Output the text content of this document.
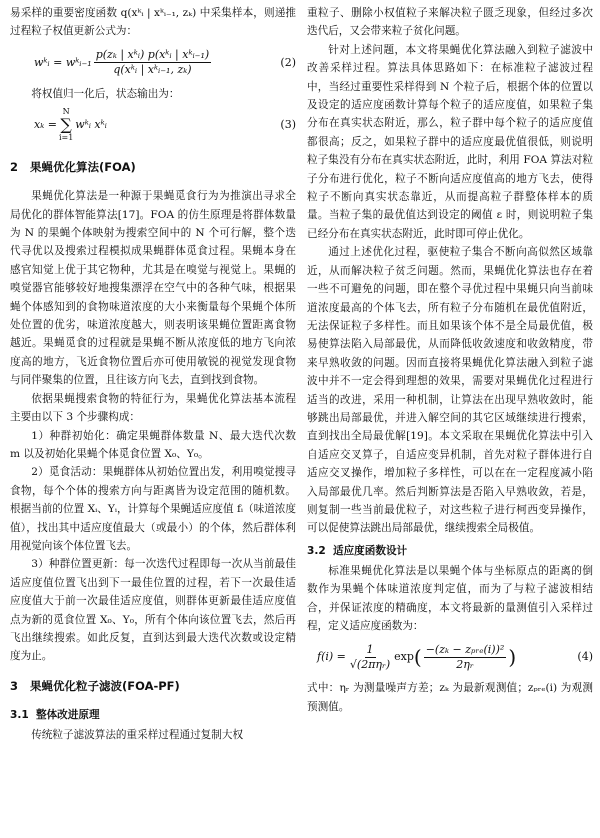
易采样的重要密度函数 q(xᵏᵢ | xᵏᵢ₋₁, zₖ) 中采集样本，则递推过程粒子权值更新公式为：

wᵏᵢ = wᵏᵢ₋₁ $\frac{\text{p(zₖ | xᵏᵢ) p(xᵏᵢ | xᵏᵢ₋₁)}}{\text{q(xᵏᵢ | xᵏᵢ₋₁, zₖ)}}$	(2)

将权值归一化后，状态输出为：

xₖ =
N
∑
i=1
wᵏᵢ xᵏᵢ	(3)
2 果蝇优化算法(FOA)

果蝇优化算法是一种源于果蝇觅食行为为推演出寻求全局优化的群体智能算法[17]。FOA 的仿生原理是将群体数量为 N 的果蝇个体映射为搜索空间中的 N 个可行解，整个迭代寻优以及搜索过程模拟成果蝇群体觅食过程。果蝇本身在感官知觉上优于其它物种，尤其是在嗅觉与视觉上。果蝇的嗅觉器官能够较好地搜集漂浮在空气中的各种气味，根据果蝇个体感知到的食物味道浓度的大小来衡量每个果蝇个体所处位置的优劣，味道浓度越大，则表明该果蝇位置距离食物越近。果蝇觅食的过程就是果蝇不断从浓度低的地方飞向浓度高的地方，飞近食物位置后亦可使用敏锐的视觉发现食物与同伴聚集的位置，且往该方向飞去，直到找到食物。

依据果蝇搜索食物的特征行为，果蝇优化算法基本流程主要由以下 3 个步骤构成：

1）种群初始化：确定果蝇群体数量 N、最大迭代次数 m 以及初始化果蝇个体觅食位置 X₀、Y₀。

2）觅食活动：果蝇群体从初始位置出发，利用嗅觉搜寻食物，每个个体的搜索方向与距离皆为设定范围的随机数。根据当前的位置 Xᵢ、Yᵢ，计算每个果蝇适应度值 fᵢ（味道浓度值），找出其中适应度值最大（或最小）的个体，然后群体利用视觉向该个体位置飞去。

3）种群位置更新：每一次迭代过程即每一次从当前最佳适应度值位置飞出到下一最佳位置的过程，若下一次最佳适应度值大于前一次最佳适应度值，则群体更新最佳适应度值点为新的觅食位置 X₀、Y₀，所有个体向该位置飞去，然后再飞出继续搜索。如此反复，直到达到最大迭代次数或设定精度为止。

3 果蝇优化粒子滤波(FOA-PF)
3.1 整体改进原理

传统粒子滤波算法的重采样过程通过复制大权

重粒子、删除小权值粒子来解决粒子匮乏现象，但经过多次迭代后，又会带来粒子贫化问题。

针对上述问题，本文将果蝇优化算法融入到粒子滤波中改善采样过程。算法具体思路如下：在标准粒子滤波过程中，当经过重要性采样得到 N 个粒子后，根据个体的位置以及设定的适应度函数计算每个粒子的适应度值，如果粒子集分布在真实状态附近，那么，粒子群中每个粒子的适应度值都很高；反之，如果粒子群中的适应度最优值很低，则说明粒子集没有分布在真实状态附近，此时，利用 FOA 算法对粒子分布进行优化，粒子不断向适应度值高的地方飞去，使得粒子不断向真实状态靠近，从而提高粒子群整体样本的质量。当粒子集的最优值达到设定的阈值 ε 时，则说明粒子集已经分布在真实状态附近，此时即可停止优化。

通过上述优化过程，驱使粒子集合不断向高似然区域靠近，从而解决粒子贫乏问题。然而，果蝇优化算法也存在着一些不可避免的问题，即在整个寻优过程中果蝇只向当前味道浓度最高的个体飞去，所有粒子分布随机在最优值附近，无法保证粒子多样性。而且如果该个体不是全局最优值，极易使算法陷入局部最优，从而降低收敛速度和收敛精度，带来早熟收敛的问题。因而直接将果蝇优化算法融入到粒子滤波中并不一定会得到理想的效果，需要对果蝇优化过程进行适当的改进，采用一种机制，让算法在出现早熟收敛时，能够跳出局部最优，并进入解空间的其它区域继续进行搜索，直到找出全局最优解[19]。本文采取在果蝇优化算法中引入自适应交叉算子，自适应变异机制，首先对粒子群体进行自适应交叉操作，增加粒子多样性，可以在在一定程度减小陷入局部最优几率。然后判断算法是否陷入早熟收敛，若是，则复制一些当前最优粒子，对这些粒子进行柯西变异操作，可以促使算法跳出局部最优，继续搜索全局极值。

3.2 适应度函数设计

标准果蝇优化算法是以果蝇个体与坐标原点的距离的倒数作为果蝇个体味道浓度判定值，而为了与粒子滤波相结合，并保证浓度的精确度，本文将最新的量测值引入采样过程，定义适应度函数为：

$f(i) = \frac{1}{\text{√(2πηᵣ)}}$ exp ( $\frac{\text{−(zₖ − zₚᵣₑ(i))²}}{\text{2ηᵣ}}$ )	(4)

式中：ηᵣ 为测量噪声方差；zₖ 为最新观测值；zₚᵣₑ(i) 为观测预测值。
